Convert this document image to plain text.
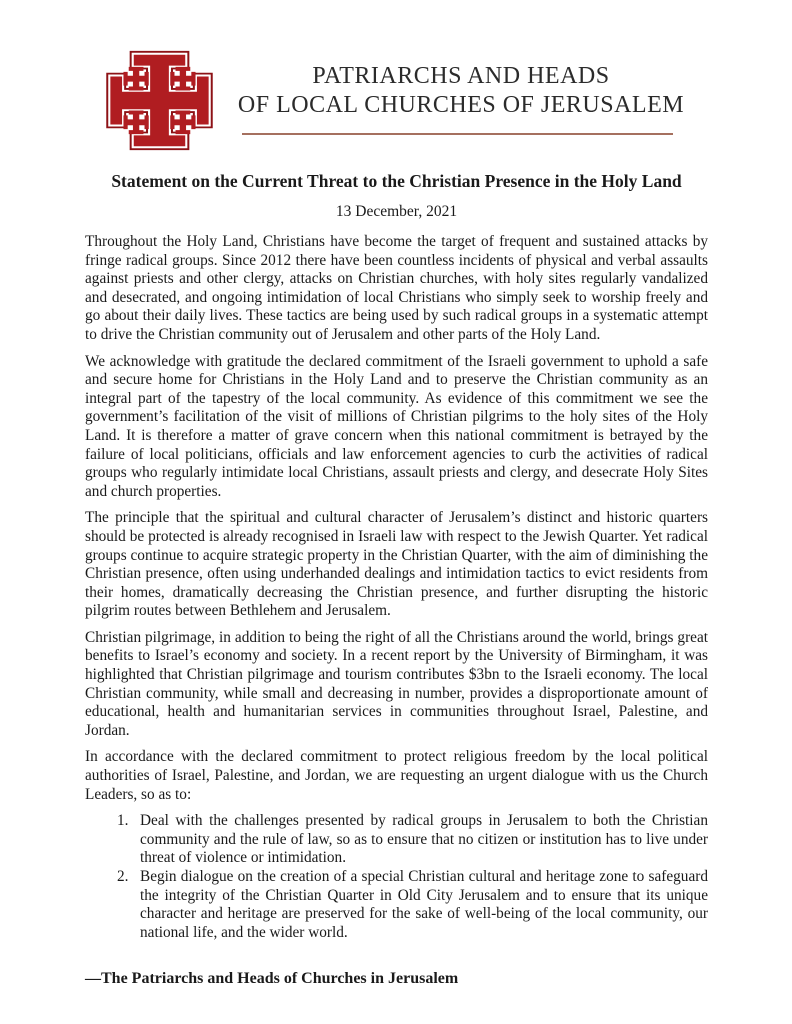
PATRIARCHS AND HEADS
OF LOCAL CHURCHES OF JERUSALEM
Statement on the Current Threat to the Christian Presence in the Holy Land
13 December, 2021

Throughout the Holy Land, Christians have become the target of frequent and sustained attacks by fringe radical groups. Since 2012 there have been countless incidents of physical and verbal assaults against priests and other clergy, attacks on Christian churches, with holy sites regularly vandalized and desecrated, and ongoing intimidation of local Christians who simply seek to worship freely and go about their daily lives. These tactics are being used by such radical groups in a systematic attempt to drive the Christian community out of Jerusalem and other parts of the Holy Land.

We acknowledge with gratitude the declared commitment of the Israeli government to uphold a safe and secure home for Christians in the Holy Land and to preserve the Christian community as an integral part of the tapestry of the local community. As evidence of this commitment we see the government’s facilitation of the visit of millions of Christian pilgrims to the holy sites of the Holy Land. It is therefore a matter of grave concern when this national commitment is betrayed by the failure of local politicians, officials and law enforcement agencies to curb the activities of radical groups who regularly intimidate local Christians, assault priests and clergy, and desecrate Holy Sites and church properties.

The principle that the spiritual and cultural character of Jerusalem’s distinct and historic quarters should be protected is already recognised in Israeli law with respect to the Jewish Quarter. Yet radical groups continue to acquire strategic property in the Christian Quarter, with the aim of diminishing the Christian presence, often using underhanded dealings and intimidation tactics to evict residents from their homes, dramatically decreasing the Christian presence, and further disrupting the historic pilgrim routes between Bethlehem and Jerusalem.

Christian pilgrimage, in addition to being the right of all the Christians around the world, brings great benefits to Israel’s economy and society. In a recent report by the University of Birmingham, it was highlighted that Christian pilgrimage and tourism contributes $3bn to the Israeli economy. The local Christian community, while small and decreasing in number, provides a disproportionate amount of educational, health and humanitarian services in communities throughout Israel, Palestine, and Jordan.

In accordance with the declared commitment to protect religious freedom by the local political authorities of Israel, Palestine, and Jordan, we are requesting an urgent dialogue with us the Church Leaders, so as to:

1. Deal with the challenges presented by radical groups in Jerusalem to both the Christian community and the rule of law, so as to ensure that no citizen or institution has to live under threat of violence or intimidation.
2. Begin dialogue on the creation of a special Christian cultural and heritage zone to safeguard the integrity of the Christian Quarter in Old City Jerusalem and to ensure that its unique character and heritage are preserved for the sake of well-being of the local community, our national life, and the wider world.
—The Patriarchs and Heads of Churches in Jerusalem
